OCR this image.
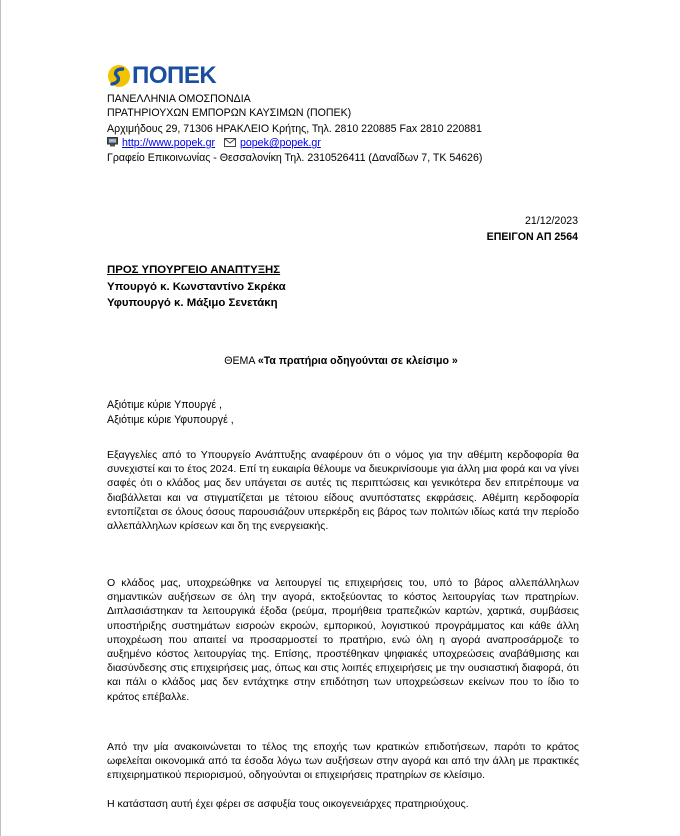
ΠΟΠΕΚ
ΠΑΝΕΛΛΗΝΙΑ ΟΜΟΣΠΟΝΔΙΑ
ΠΡΑΤΗΡΙΟΥΧΩΝ ΕΜΠΟΡΩΝ ΚΑΥΣΙΜΩΝ (ΠΟΠΕΚ)
Αρχιμήδους 29, 71306 ΗΡΑΚΛΕΙΟ Κρήτης, Τηλ. 2810 220885 Fax 2810 220881
http://www.popek.gr popek@popek.gr
Γραφείο Επικοινωνίας - Θεσσαλονίκη Τηλ. 2310526411 (Δαναΐδων 7, ΤΚ 54626)
21/12/2023
ΕΠΕΙΓΟΝ ΑΠ 2564
ΠΡΟΣ ΥΠΟΥΡΓΕΙΟ ΑΝΑΠΤΥΞΗΣ
Υπουργό κ. Κωνσταντίνο Σκρέκα
Υφυπουργό κ. Μάξιμο Σενετάκη
ΘΕΜΑ «Τα πρατήρια οδηγούνται σε κλείσιμο »
Αξιότιμε κύριε Υπουργέ ,
Αξιότιμε κύριε Υφυπουργέ ,
Εξαγγελίες από το Υπουργείο Ανάπτυξης αναφέρουν ότι ο νόμος για την αθέμιτη κερδοφορία θα συνεχιστεί και το έτος 2024. Επί τη ευκαιρία θέλουμε να διευκρινίσουμε για άλλη μια φορά και να γίνει σαφές ότι ο κλάδος μας δεν υπάγεται σε αυτές τις περιπτώσεις και γενικότερα δεν επιτρέπουμε να διαβάλλεται και να στιγματίζεται με τέτοιου είδους ανυπόστατες εκφράσεις. Αθέμιτη κερδοφορία εντοπίζεται σε όλους όσους παρουσιάζουν υπερκέρδη εις βάρος των πολιτών ιδίως κατά την περίοδο αλλεπάλληλων κρίσεων και δη της ενεργειακής.
Ο κλάδος μας, υποχρεώθηκε να λειτουργεί τις επιχειρήσεις του, υπό το βάρος αλλεπάλληλων σημαντικών αυξήσεων σε όλη την αγορά, εκτοξεύοντας το κόστος λειτουργίας των πρατηρίων. Διπλασιάστηκαν τα λειτουργικά έξοδα (ρεύμα, προμήθεια τραπεζικών καρτών, χαρτικά, συμβάσεις υποστήριξης συστημάτων εισροών εκροών, εμπορικού, λογιστικού προγράμματος και κάθε άλλη υποχρέωση που απαιτεί να προσαρμοστεί το πρατήριο, ενώ όλη η αγορά αναπροσάρμοζε το αυξημένο κόστος λειτουργίας της. Επίσης, προστέθηκαν ψηφιακές υποχρεώσεις αναβάθμισης και διασύνδεσης στις επιχειρήσεις μας, όπως και στις λοιπές επιχειρήσεις με την ουσιαστική διαφορά, ότι και πάλι ο κλάδος μας δεν εντάχτηκε στην επιδότηση των υποχρεώσεων εκείνων που το ίδιο το κράτος επέβαλλε.
Από την μία ανακοινώνεται το τέλος της εποχής των κρατικών επιδοτήσεων, παρότι το κράτος ωφελείται οικονομικά από τα έσοδα λόγω των αυξήσεων στην αγορά και από την άλλη με πρακτικές επιχειρηματικού περιορισμού, οδηγούνται οι επιχειρήσεις πρατηρίων σε κλείσιμο.
Η κατάσταση αυτή έχει φέρει σε ασφυξία τους οικογενειάρχες πρατηριούχους.
